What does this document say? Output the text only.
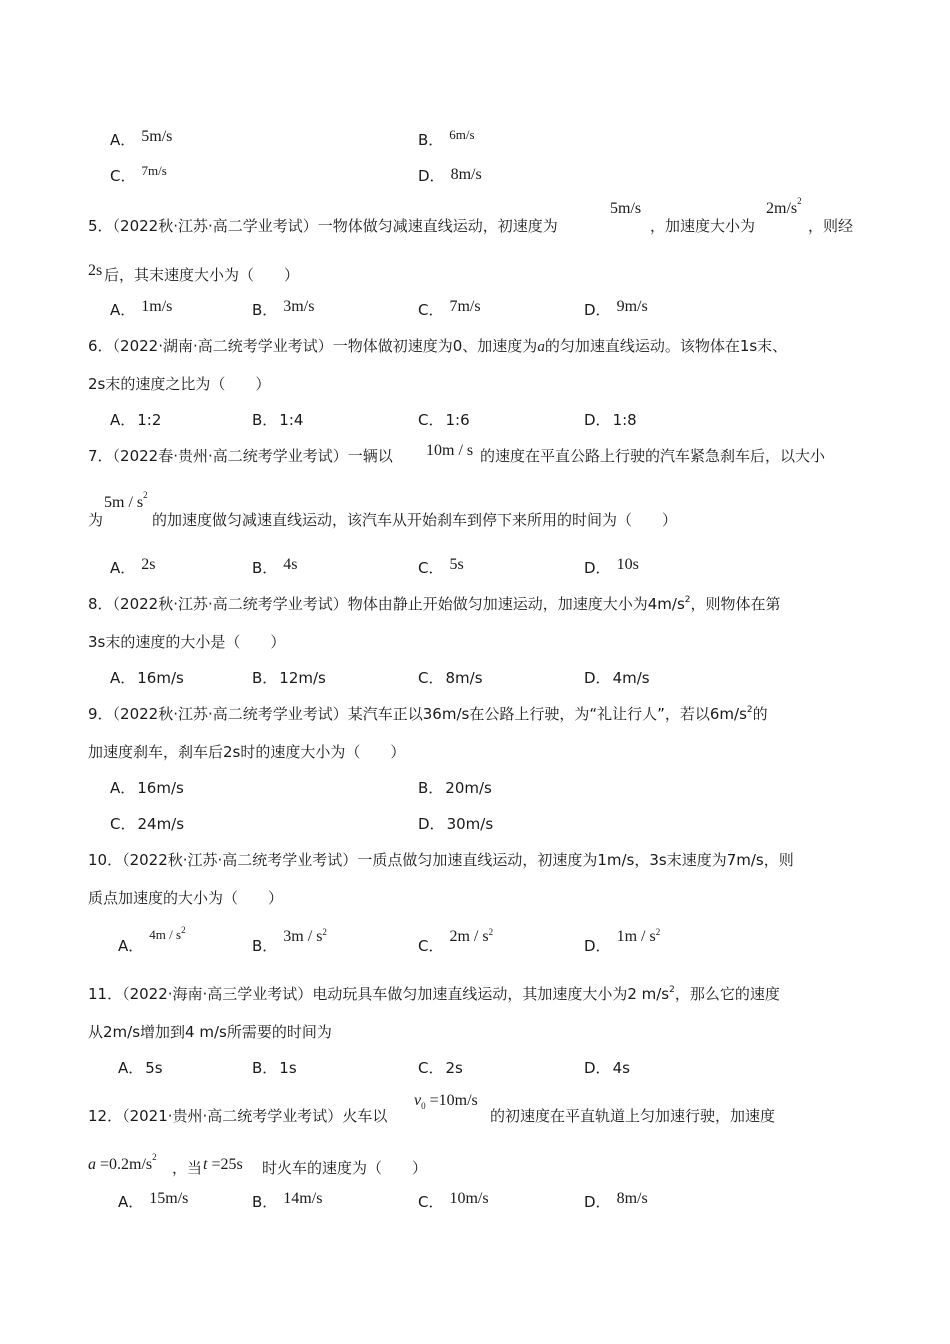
A． 5m/s	B． 6m/s
C． 7m/s	D． 8m/s
5．（2022秋·江苏·高二学业考试）一物体做匀减速直线运动，初速度为
5m/s
，加速度大小为
$2m/s^2$
，则经
2s 后，其末速度大小为（　　）
A． 1m/s	B． 3m/s	C． 7m/s	D． 9m/s
6．（2022·湖南·高二统考学业考试）一物体做初速度为0、加速度为a的匀加速直线运动。该物体在1s末、
2s末的速度之比为（　　）
A． 1:2	B． 1:4	C． 1:6	D． 1:8
7．（2022春·贵州·高二统考学业考试）一辆以 10m / s 的速度在平直公路上行驶的汽车紧急刹车后，以大小
为
$5m / s^2$
的加速度做匀减速直线运动，该汽车从开始刹车到停下来所用的时间为（　　）
A． 2s	B． 4s	C． 5s	D． 10s
8．（2022秋·江苏·高二统考学业考试）物体由静止开始做匀加速运动，加速度大小为$4m/s^2$，则物体在第
3s末的速度的大小是（　　）
A． 16m/s	B． 12m/s	C． 8m/s	D． 4m/s
9．（2022秋·江苏·高二统考学业考试）某汽车正以36m/s在公路上行驶，为“礼让行人”，若以$6m/s^2$的
加速度刹车，刹车后2s时的速度大小为（　　）
A． 16m/s	B． 20m/s
C． 24m/s	D． 30m/s
10．（2022秋·江苏·高二统考学业考试）一质点做匀加速直线运动，初速度为1m/s，3s末速度为7m/s，则
质点加速度的大小为（　　）
A．$4m / s^2$
B．$3m / s^2$
C．$2m / s^2$
D．$1m / s^2$
11．（2022·海南·高三学业考试）电动玩具车做匀加速直线运动，其加速度大小为2 $m/s^2$，那么它的速度
从2m/s增加到4 m/s所需要的时间为
A． 5s	B． 1s	C． 2s	D． 4s
12．（2021·贵州·高二统考学业考试）火车以
$v_0 =10m/s$
的初速度在平直轨道上匀加速行驶，加速度
$a =0.2m/s^2$
，当 t =25s 时火车的速度为（　　）
A． 15m/s	B． 14m/s	C． 10m/s	D． 8m/s
